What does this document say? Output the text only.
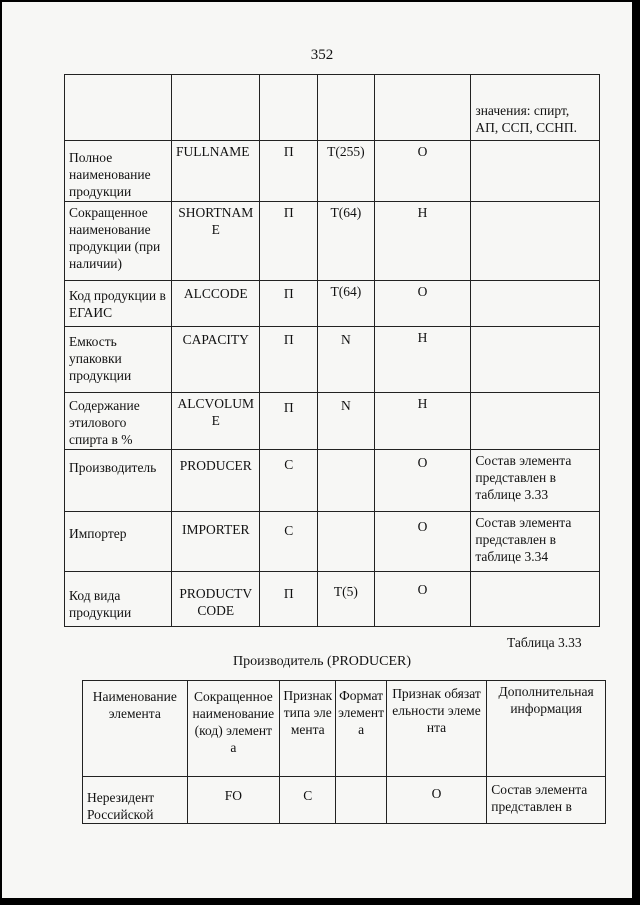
352

					значения: спирт, АП, ССП, ССНП.

Полное наименование продукции	FULLNAME	П	T(255)	О	

Сокращенное наименование продукции (при наличии)	SHORTNAME	П	T(64)	Н	

Код продукции в ЕГАИС	ALCCODE	П	T(64)	О	

Емкость упаковки продукции	CAPACITY	П	N	Н	

Содержание этилового спирта в %	ALCVOLUME	П	N	Н	

Производитель	PRODUCER	С		О	Состав элемента представлен в таблице 3.33

Импортер	IMPORTER	С		О	Состав элемента представлен в таблице 3.34

Код вида продукции	PRODUCTVCODE	П	T(5)	О	

Таблица 3.33
Производитель (PRODUCER)
Наименование элемента	Сокращенное наименование (код) элемента	Признак типа элемента	Формат элемента	Признак обязательности элемента	Дополнительная информация

Нерезидент Российской	FO	С		О	Состав элемента представлен в
